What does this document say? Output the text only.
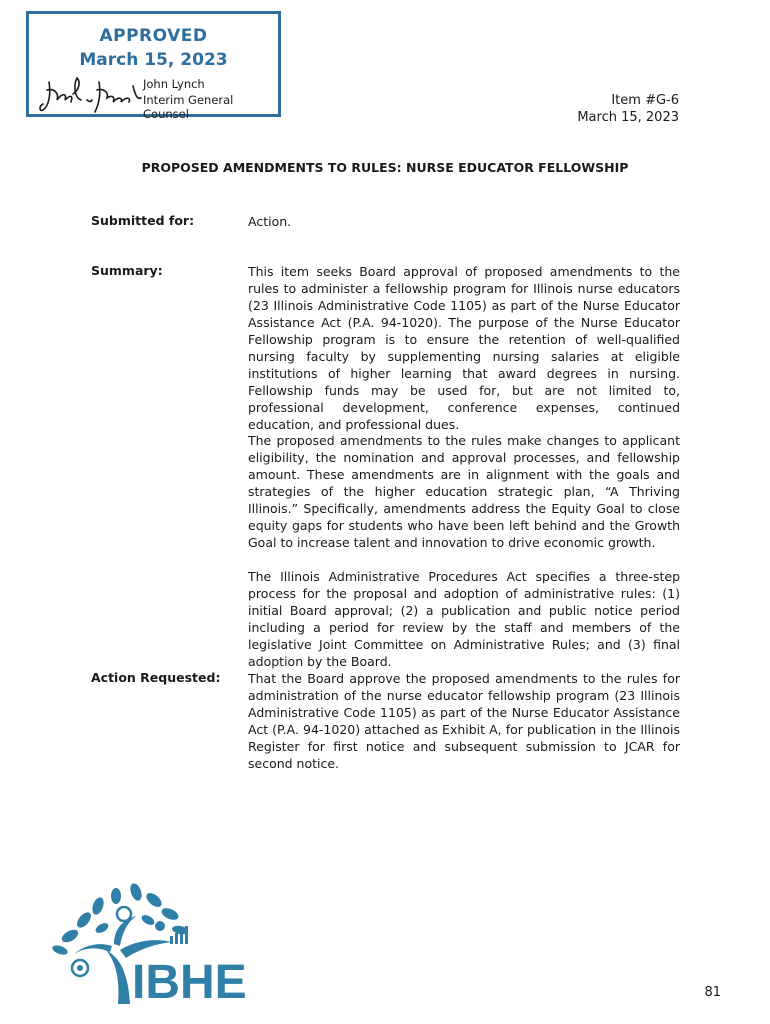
APPROVED
March 15, 2023
John Lynch
Interim General Counsel
Item #G-6
March 15, 2023
PROPOSED AMENDMENTS TO RULES: NURSE EDUCATOR FELLOWSHIP
Submitted for:	Action.
Summary:	This item seeks Board approval of proposed amendments to the rules to administer a fellowship program for Illinois nurse educators (23 Illinois Administrative Code 1105) as part of the Nurse Educator Assistance Act (P.A. 94-1020). The purpose of the Nurse Educator Fellowship program is to ensure the retention of well-qualified nursing faculty by supplementing nursing salaries at eligible institutions of higher learning that award degrees in nursing. Fellowship funds may be used for, but are not limited to, professional development, conference expenses, continued education, and professional dues.

The proposed amendments to the rules make changes to applicant eligibility, the nomination and approval processes, and fellowship amount. These amendments are in alignment with the goals and strategies of the higher education strategic plan, “A Thriving Illinois.” Specifically, amendments address the Equity Goal to close equity gaps for students who have been left behind and the Growth Goal to increase talent and innovation to drive economic growth.

The Illinois Administrative Procedures Act specifies a three-step process for the proposal and adoption of administrative rules: (1) initial Board approval; (2) a publication and public notice period including a period for review by the staff and members of the legislative Joint Committee on Administrative Rules; and (3) final adoption by the Board.

Action Requested: That the Board approve the proposed amendments to the rules for administration of the nurse educator fellowship program (23 Illinois Administrative Code 1105) as part of the Nurse Educator Assistance Act (P.A. 94-1020) attached as Exhibit A, for publication in the Illinois Register for first notice and subsequent submission to JCAR for second notice.
IBHE	81
